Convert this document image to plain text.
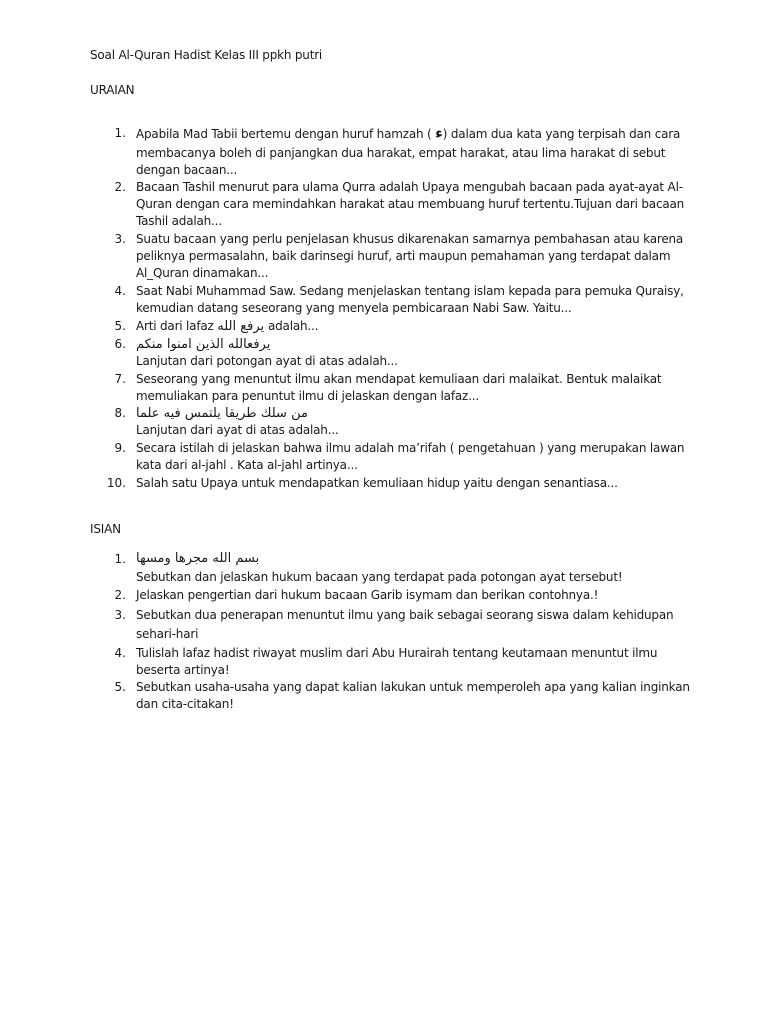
Soal Al-Quran Hadist Kelas III ppkh putri
URAIAN
1. Apabila Mad Tabii bertemu dengan huruf hamzah ( ء) dalam dua kata yang terpisah dan cara
membacanya boleh di panjangkan dua harakat, empat harakat, atau lima harakat di sebut
dengan bacaan...
2. Bacaan Tashil menurut para ulama Qurra adalah Upaya mengubah bacaan pada ayat-ayat Al-
Quran dengan cara memindahkan harakat atau membuang huruf tertentu.Tujuan dari bacaan
Tashil adalah...
3. Suatu bacaan yang perlu penjelasan khusus dikarenakan samarnya pembahasan atau karena
peliknya permasalahn, baik darinsegi huruf, arti maupun pemahaman yang terdapat dalam
Al_Quran dinamakan...
4. Saat Nabi Muhammad Saw. Sedang menjelaskan tentang islam kepada para pemuka Quraisy,
kemudian datang seseorang yang menyela pembicaraan Nabi Saw. Yaitu...
5. Arti dari lafaz يرفع الله adalah...
6. يرفعالله الذين امنوا منكم
Lanjutan dari potongan ayat di atas adalah...
7. Seseorang yang menuntut ilmu akan mendapat kemuliaan dari malaikat. Bentuk malaikat
memuliakan para penuntut ilmu di jelaskan dengan lafaz...
8. من سلك طريقا يلتمس فيه علما
Lanjutan dari ayat di atas adalah...
9. Secara istilah di jelaskan bahwa ilmu adalah ma’rifah ( pengetahuan ) yang merupakan lawan
kata dari al-jahl . Kata al-jahl artinya...
10. Salah satu Upaya untuk mendapatkan kemuliaan hidup yaitu dengan senantiasa...
ISIAN
1. بسم الله مجرها ومسها
Sebutkan dan jelaskan hukum bacaan yang terdapat pada potongan ayat tersebut!
2. Jelaskan pengertian dari hukum bacaan Garib isymam dan berikan contohnya.!
3. Sebutkan dua penerapan menuntut ilmu yang baik sebagai seorang siswa dalam kehidupan
sehari-hari
4. Tulislah lafaz hadist riwayat muslim dari Abu Hurairah tentang keutamaan menuntut ilmu
beserta artinya!
5. Sebutkan usaha-usaha yang dapat kalian lakukan untuk memperoleh apa yang kalian inginkan
dan cita-citakan!
